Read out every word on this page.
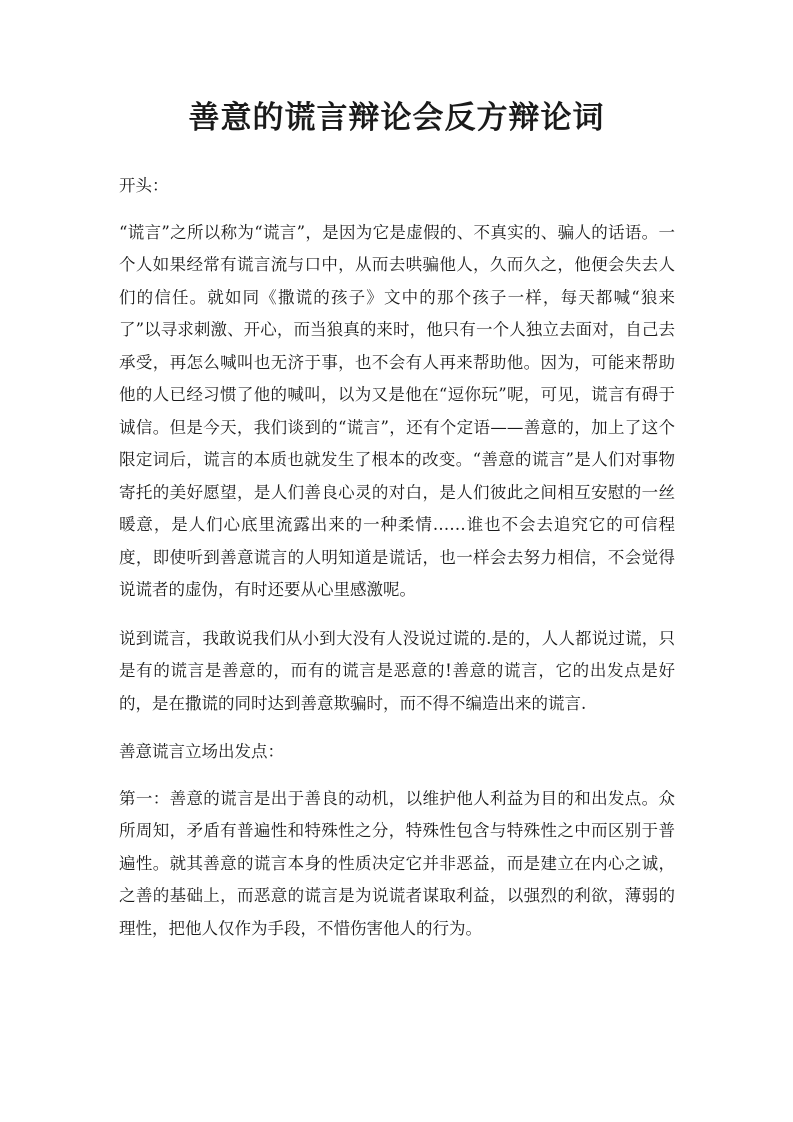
善意的谎言辩论会反方辩论词

开头：

“谎言”之所以称为“谎言”，是因为它是虚假的、不真实的、骗人的话语。一个人如果经常有谎言流与口中，从而去哄骗他人，久而久之，他便会失去人们的信任。就如同《撒谎的孩子》文中的那个孩子一样，每天都喊“狼来了”以寻求刺激、开心，而当狼真的来时，他只有一个人独立去面对，自己去承受，再怎么喊叫也无济于事，也不会有人再来帮助他。因为，可能来帮助他的人已经习惯了他的喊叫，以为又是他在“逗你玩”呢，可见，谎言有碍于诚信。但是今天，我们谈到的“谎言”，还有个定语——善意的，加上了这个限定词后，谎言的本质也就发生了根本的改变。“善意的谎言”是人们对事物寄托的美好愿望，是人们善良心灵的对白，是人们彼此之间相互安慰的一丝暖意，是人们心底里流露出来的一种柔情……谁也不会去追究它的可信程度，即使听到善意谎言的人明知道是谎话，也一样会去努力相信，不会觉得说谎者的虚伪，有时还要从心里感激呢。

说到谎言，我敢说我们从小到大没有人没说过谎的.是的，人人都说过谎，只是有的谎言是善意的，而有的谎言是恶意的!善意的谎言，它的出发点是好的，是在撒谎的同时达到善意欺骗时，而不得不编造出来的谎言.

善意谎言立场出发点：

第一：善意的谎言是出于善良的动机，以维护他人利益为目的和出发点。众所周知，矛盾有普遍性和特殊性之分，特殊性包含与特殊性之中而区别于普遍性。就其善意的谎言本身的性质决定它并非恶益，而是建立在内心之诚，之善的基础上，而恶意的谎言是为说谎者谋取利益，以强烈的利欲，薄弱的理性，把他人仅作为手段，不惜伤害他人的行为。
